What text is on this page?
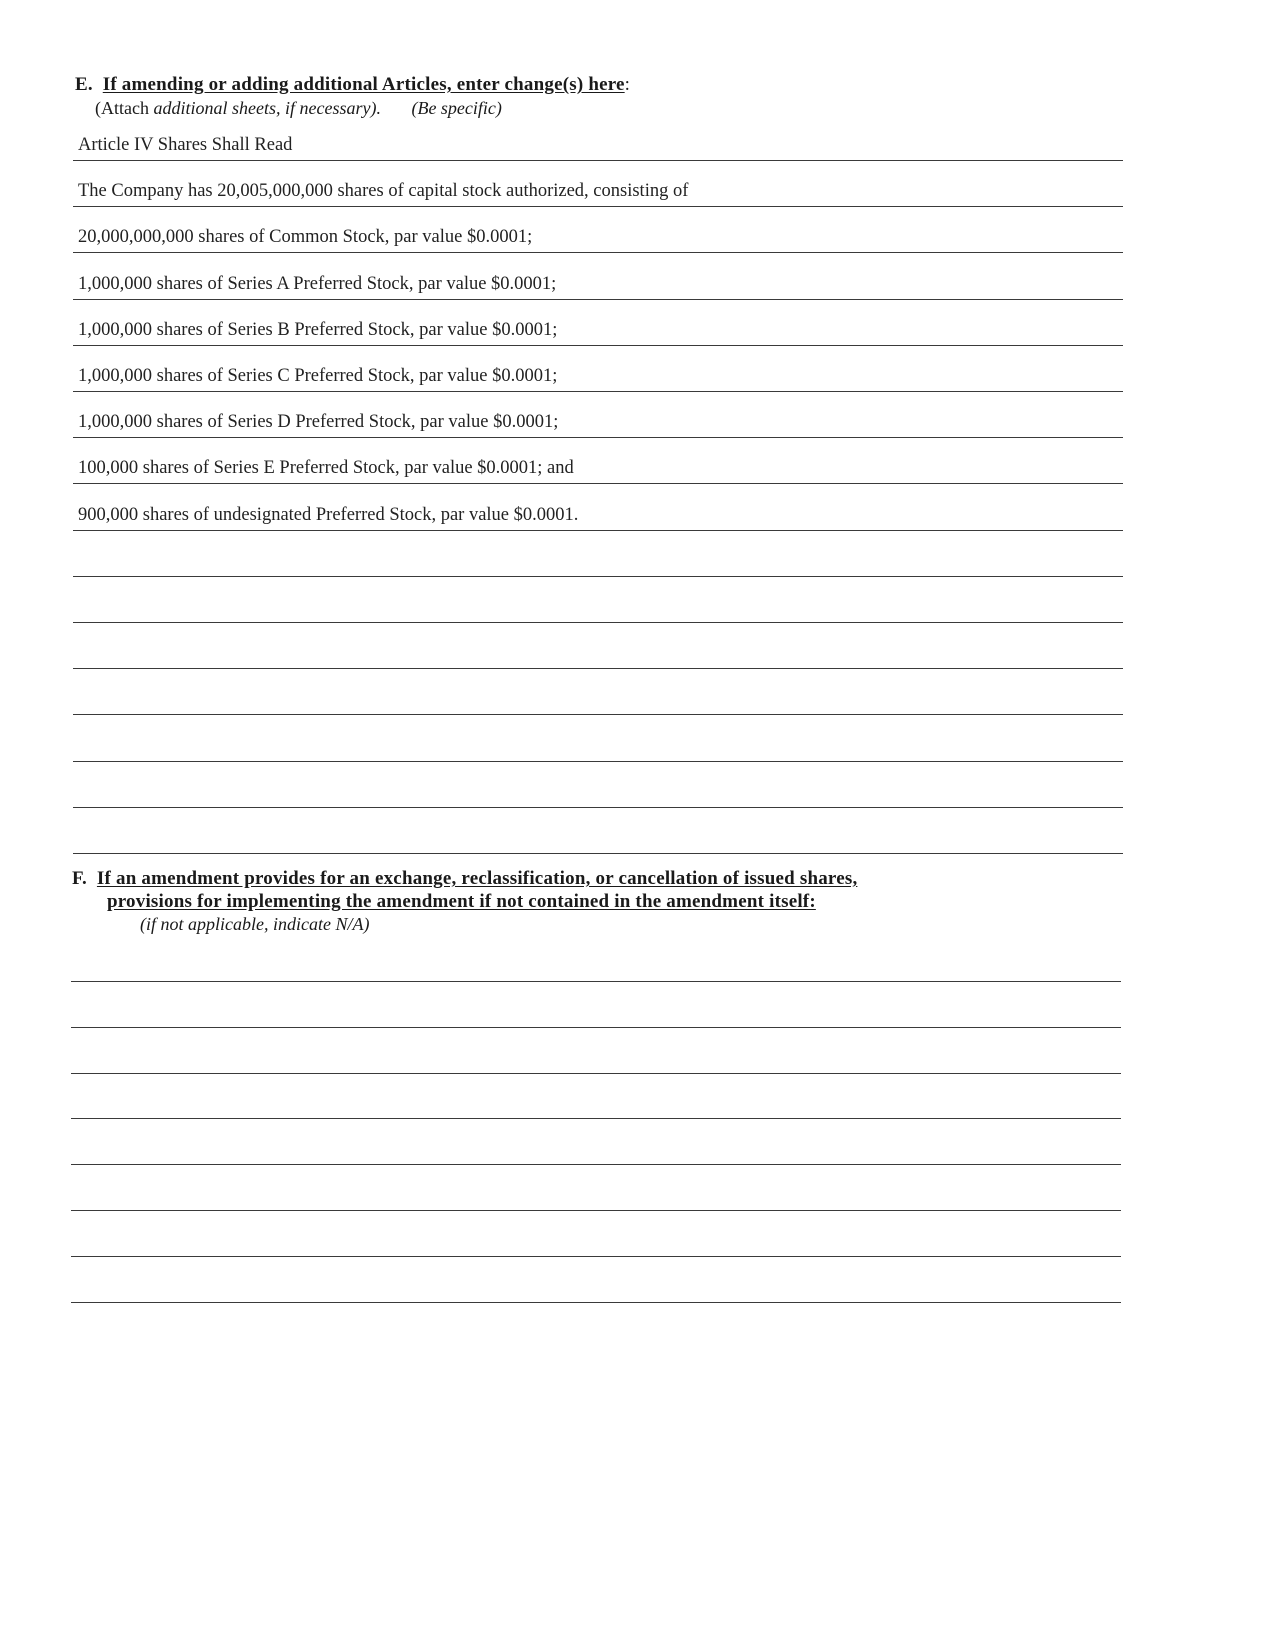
E. If amending or adding additional Articles, enter change(s) here:
(Attach additional sheets, if necessary). (Be specific)
Article IV Shares Shall Read
The Company has 20,005,000,000 shares of capital stock authorized, consisting of
20,000,000,000 shares of Common Stock, par value $0.0001;
1,000,000 shares of Series A Preferred Stock, par value $0.0001;
1,000,000 shares of Series B Preferred Stock, par value $0.0001;
1,000,000 shares of Series C Preferred Stock, par value $0.0001;
1,000,000 shares of Series D Preferred Stock, par value $0.0001;
100,000 shares of Series E Preferred Stock, par value $0.0001; and
900,000 shares of undesignated Preferred Stock, par value $0.0001.
F. If an amendment provides for an exchange, reclassification, or cancellation of issued shares,
provisions for implementing the amendment if not contained in the amendment itself:
(if not applicable, indicate N/A)
